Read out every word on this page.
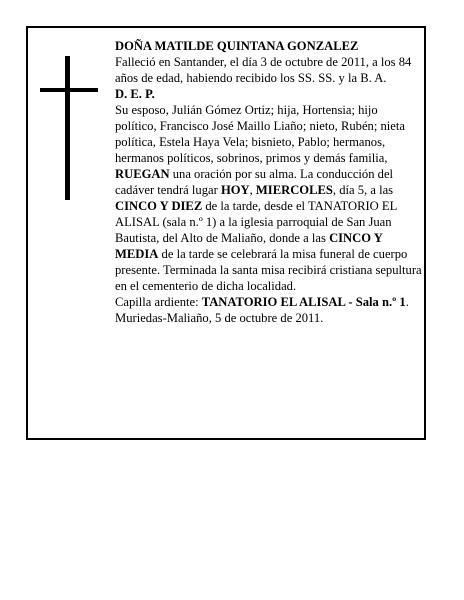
DOÑA MATILDE QUINTANA GONZALEZ

Falleció en Santander, el día 3 de octubre de 2011, a los 84 años de edad, habiendo recibido los SS. SS. y la B. A.

D. E. P.

Su esposo, Julián Gómez Ortiz; hija, Hortensia; hijo político, Francisco José Maillo Liaño; nieto, Rubén; nieta política, Estela Haya Vela; bisnieto, Pablo; hermanos, hermanos políticos, sobrinos, primos y demás familia,

RUEGAN una oración por su alma. La conducción del cadáver tendrá lugar HOY, MIERCOLES, día 5, a las CINCO Y DIEZ de la tarde, desde el TANATORIO EL ALISAL (sala n.º 1) a la iglesia parroquial de San Juan Bautista, del Alto de Maliaño, donde a las CINCO Y MEDIA de la tarde se celebrará la misa funeral de cuerpo presente. Terminada la santa misa recibirá cristiana sepultura en el cementerio de dicha localidad.

Capilla ardiente: TANATORIO EL ALISAL - Sala n.º 1.

Muriedas-Maliaño, 5 de octubre de 2011.
